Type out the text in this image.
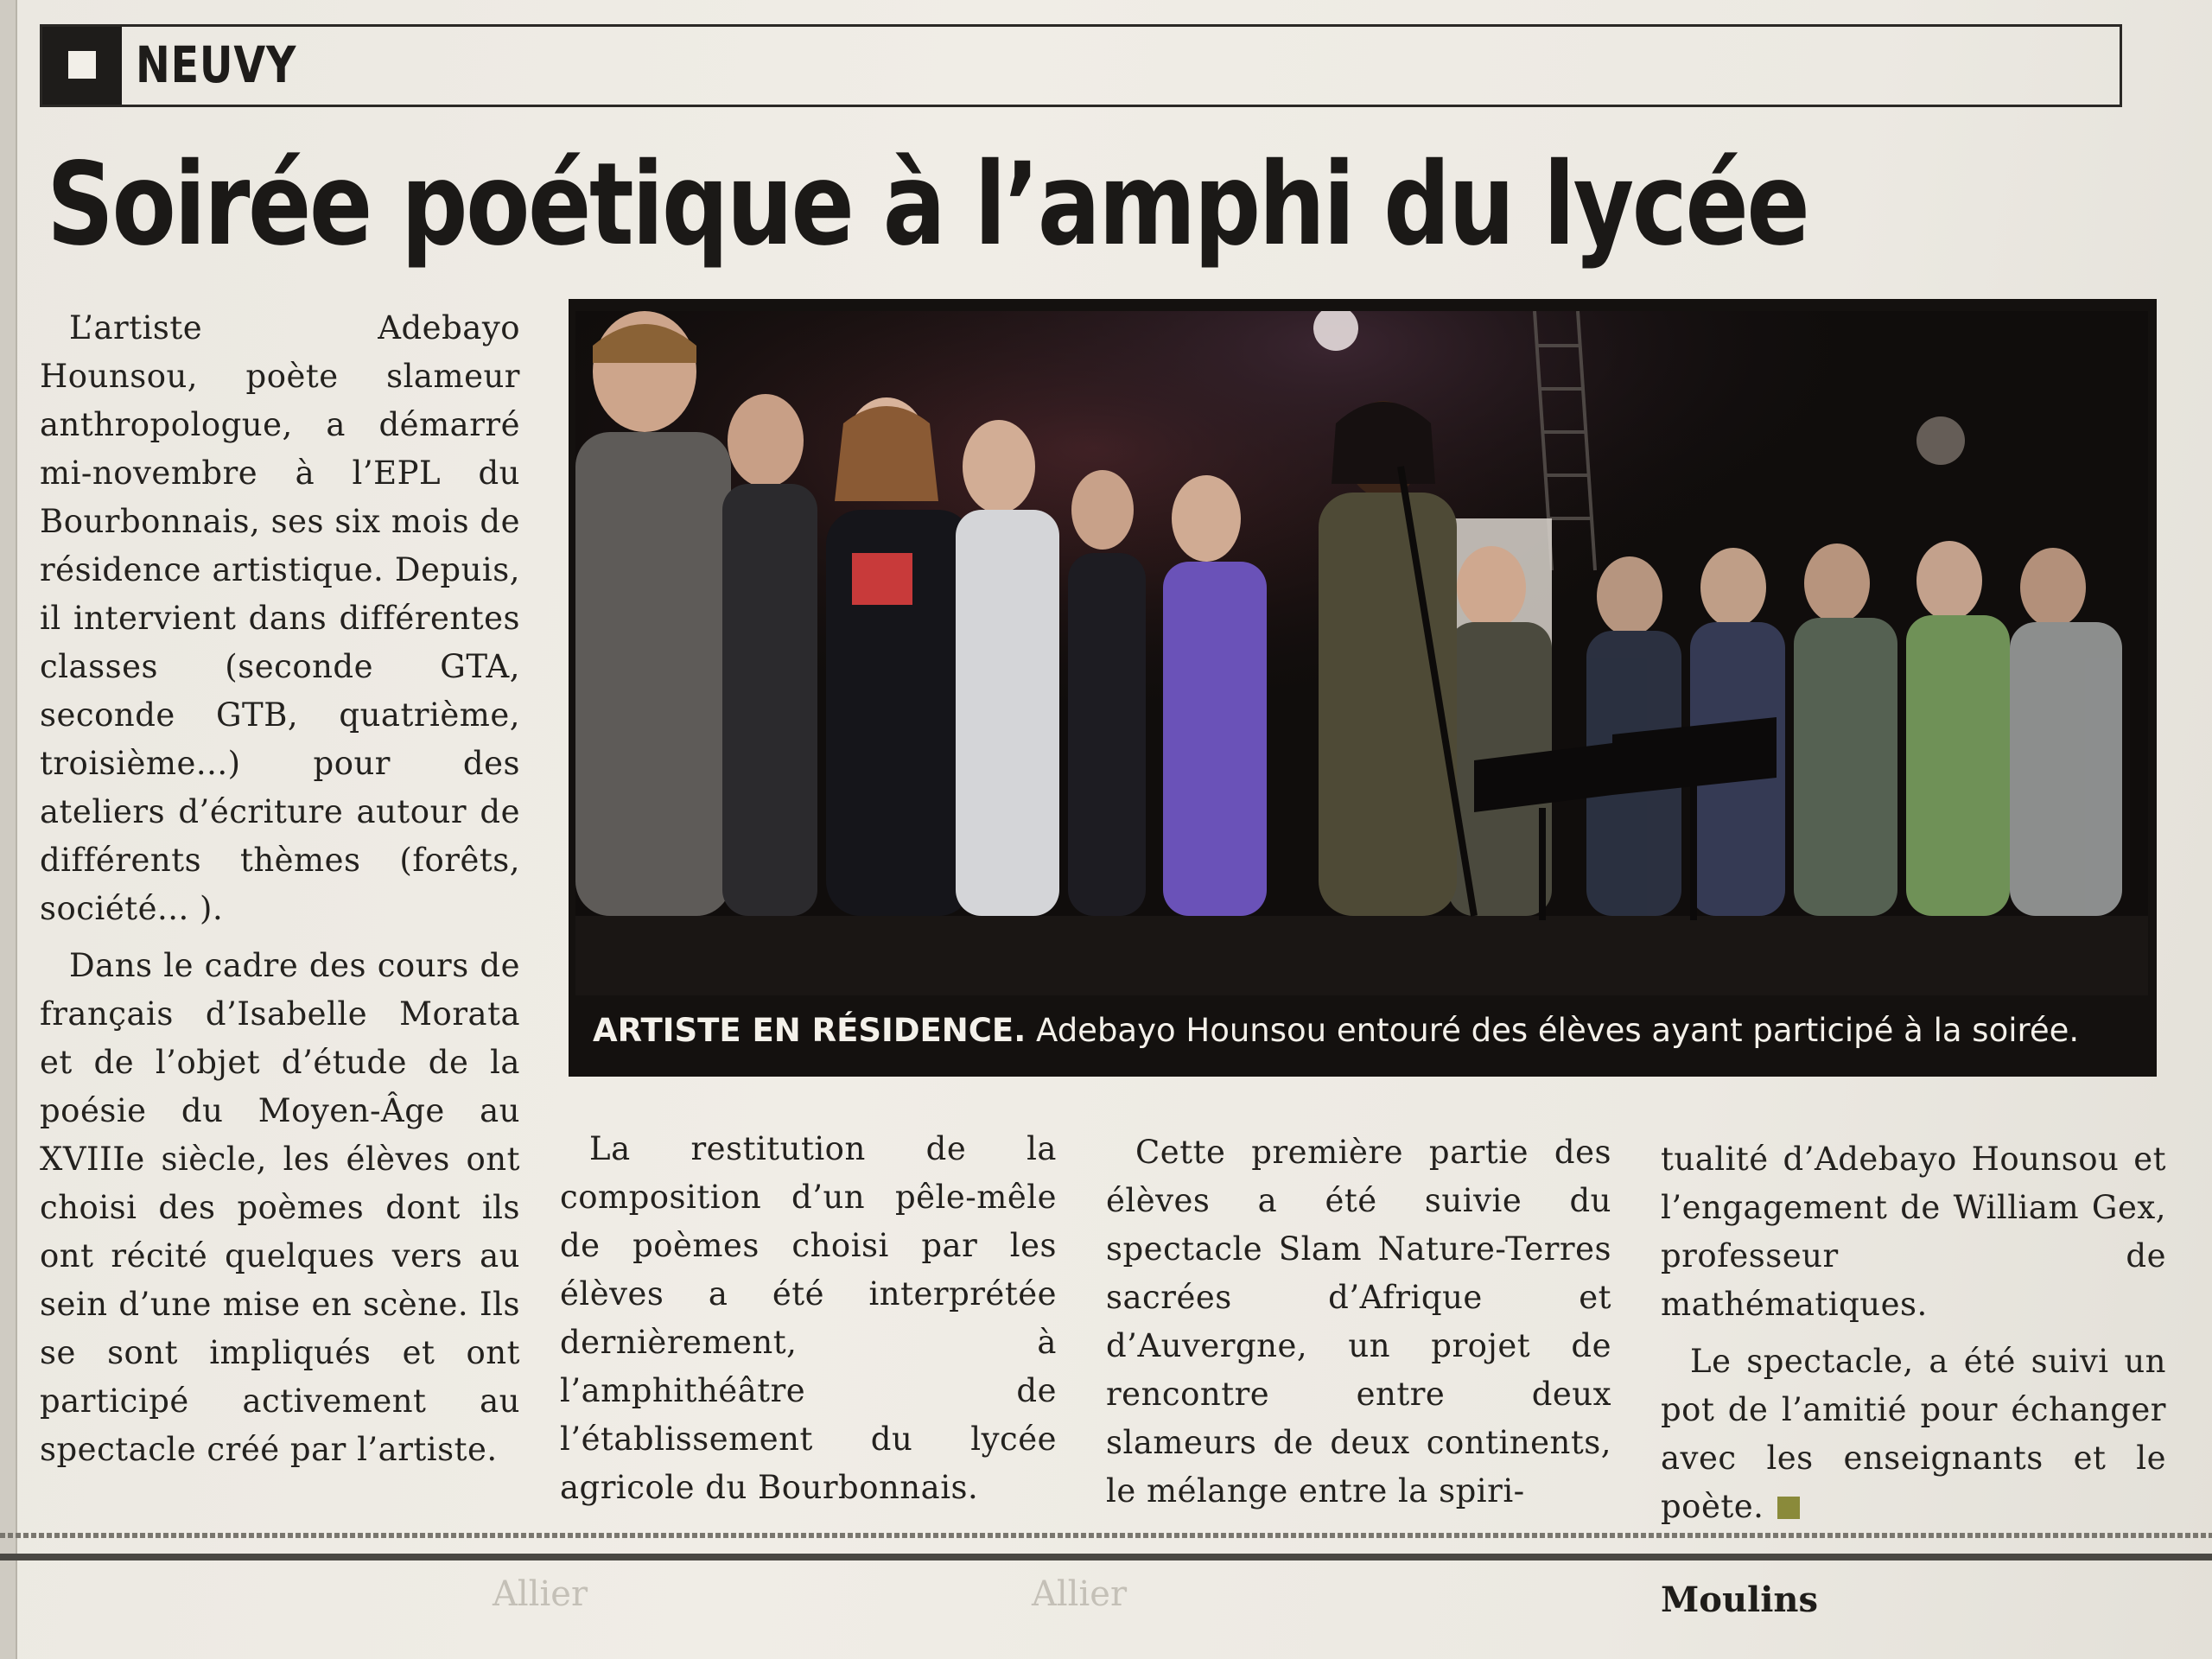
NEUVY
Soirée poétique à l’amphi du lycée

L’artiste Adebayo Hounsou, poète slameur anthropologue, a démarré mi-novembre à l’EPL du Bourbonnais, ses six mois de résidence artistique. Depuis, il intervient dans différentes classes (seconde GTA, seconde GTB, quatrième, troisième...) pour des ateliers d’écriture autour de différents thèmes (forêts, société... ).

Dans le cadre des cours de français d’Isabelle Morata et de l’objet d’étude de la poésie du Moyen-Âge au XVIIIe siècle, les élèves ont choisi des poèmes dont ils ont récité quelques vers au sein d’une mise en scène. Ils se sont impliqués et ont participé activement au spectacle créé par l’artiste.

ARTISTE EN RÉSIDENCE. Adebayo Hounsou entouré des élèves ayant participé à la soirée.

La restitution de la composition d’un pêle-mêle de poèmes choisi par les élèves a été interprétée dernièrement, à l’amphithéâtre de l’établissement du lycée agricole du Bourbonnais.

Cette première partie des élèves a été suivie du spectacle Slam Nature-Terres sacrées d’Afrique et d’Auvergne, un projet de rencontre entre deux slameurs de deux continents, le mélange entre la spiri-

tualité d’Adebayo Hounsou et l’engagement de William Gex, professeur de mathématiques.

Le spectacle, a été suivi un pot de l’amitié pour échanger avec les enseignants et le poète.

Allier	Allier	Moulins
